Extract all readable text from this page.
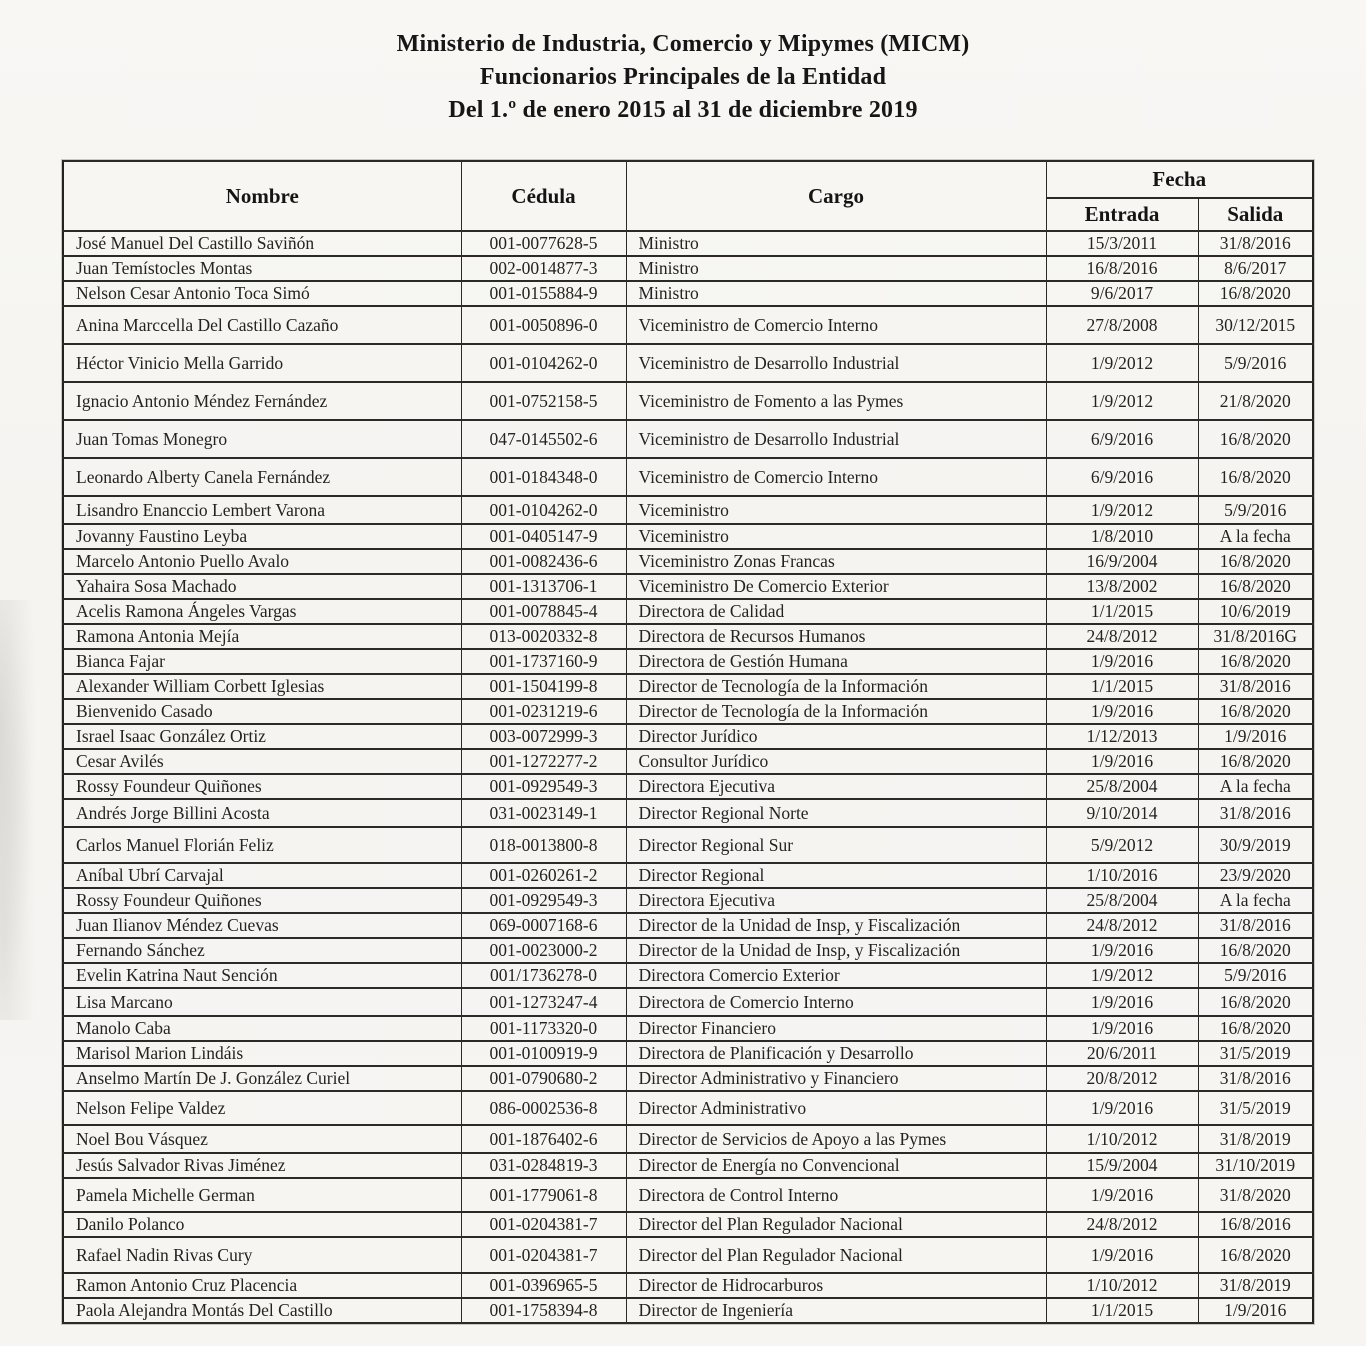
Ministerio de Industria, Comercio y Mipymes (MICM)
Funcionarios Principales de la Entidad
Del 1.º de enero 2015 al 31 de diciembre 2019
Nombre	Cédula	Cargo	Fecha	
			Entrada	Salida
José Manuel Del Castillo Saviñón	001-0077628-5	Ministro	15/3/2011	31/8/2016
Juan Temístocles Montas	002-0014877-3	Ministro	16/8/2016	8/6/2017
Nelson Cesar Antonio Toca Simó	001-0155884-9	Ministro	9/6/2017	16/8/2020
Anina Marccella Del Castillo Cazaño	001-0050896-0	Viceministro de Comercio Interno	27/8/2008	30/12/2015
Héctor Vinicio Mella Garrido	001-0104262-0	Viceministro de Desarrollo Industrial	1/9/2012	5/9/2016
Ignacio Antonio Méndez Fernández	001-0752158-5	Viceministro de Fomento a las Pymes	1/9/2012	21/8/2020
Juan Tomas Monegro	047-0145502-6	Viceministro de Desarrollo Industrial	6/9/2016	16/8/2020
Leonardo Alberty Canela Fernández	001-0184348-0	Viceministro de Comercio Interno	6/9/2016	16/8/2020
Lisandro Enanccio Lembert Varona	001-0104262-0	Viceministro	1/9/2012	5/9/2016
Jovanny Faustino Leyba	001-0405147-9	Viceministro	1/8/2010	A la fecha
Marcelo Antonio Puello Avalo	001-0082436-6	Viceministro Zonas Francas	16/9/2004	16/8/2020
Yahaira Sosa Machado	001-1313706-1	Viceministro De Comercio Exterior	13/8/2002	16/8/2020
Acelis Ramona Ángeles Vargas	001-0078845-4	Directora de Calidad	1/1/2015	10/6/2019
Ramona Antonia Mejía	013-0020332-8	Directora de Recursos Humanos	24/8/2012	31/8/2016G
Bianca Fajar	001-1737160-9	Directora de Gestión Humana	1/9/2016	16/8/2020
Alexander William Corbett Iglesias	001-1504199-8	Director de Tecnología de la Información	1/1/2015	31/8/2016
Bienvenido Casado	001-0231219-6	Director de Tecnología de la Información	1/9/2016	16/8/2020
Israel Isaac González Ortiz	003-0072999-3	Director Jurídico	1/12/2013	1/9/2016
Cesar Avilés	001-1272277-2	Consultor Jurídico	1/9/2016	16/8/2020
Rossy Foundeur Quiñones	001-0929549-3	Directora Ejecutiva	25/8/2004	A la fecha
Andrés Jorge Billini Acosta	031-0023149-1	Director Regional Norte	9/10/2014	31/8/2016
Carlos Manuel Florián Feliz	018-0013800-8	Director Regional Sur	5/9/2012	30/9/2019
Aníbal Ubrí Carvajal	001-0260261-2	Director Regional	1/10/2016	23/9/2020
Rossy Foundeur Quiñones	001-0929549-3	Directora Ejecutiva	25/8/2004	A la fecha
Juan Ilianov Méndez Cuevas	069-0007168-6	Director de la Unidad de Insp, y Fiscalización	24/8/2012	31/8/2016
Fernando Sánchez	001-0023000-2	Director de la Unidad de Insp, y Fiscalización	1/9/2016	16/8/2020
Evelin Katrina Naut Sención	001/1736278-0	Directora Comercio Exterior	1/9/2012	5/9/2016
Lisa Marcano	001-1273247-4	Directora de Comercio Interno	1/9/2016	16/8/2020
Manolo Caba	001-1173320-0	Director Financiero	1/9/2016	16/8/2020
Marisol Marion Lindáis	001-0100919-9	Directora de Planificación y Desarrollo	20/6/2011	31/5/2019
Anselmo Martín De J. González Curiel	001-0790680-2	Director Administrativo y Financiero	20/8/2012	31/8/2016
Nelson Felipe Valdez	086-0002536-8	Director Administrativo	1/9/2016	31/5/2019
Noel Bou Vásquez	001-1876402-6	Director de Servicios de Apoyo a las Pymes	1/10/2012	31/8/2019
Jesús Salvador Rivas Jiménez	031-0284819-3	Director de Energía no Convencional	15/9/2004	31/10/2019
Pamela Michelle German	001-1779061-8	Directora de Control Interno	1/9/2016	31/8/2020
Danilo Polanco	001-0204381-7	Director del Plan Regulador Nacional	24/8/2012	16/8/2016
Rafael Nadin Rivas Cury	001-0204381-7	Director del Plan Regulador Nacional	1/9/2016	16/8/2020
Ramon Antonio Cruz Placencia	001-0396965-5	Director de Hidrocarburos	1/10/2012	31/8/2019
Paola Alejandra Montás Del Castillo	001-1758394-8	Director de Ingeniería	1/1/2015	1/9/2016
